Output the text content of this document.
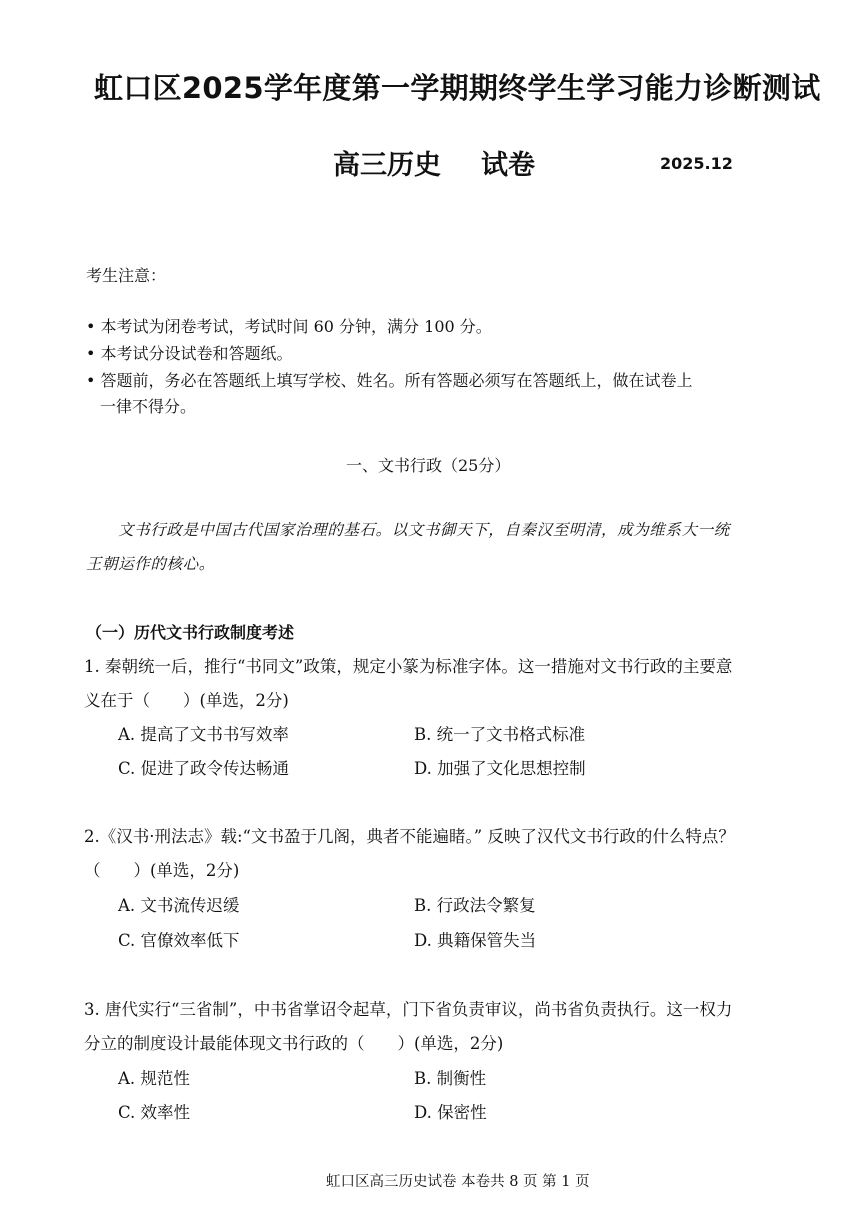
虹口区2025学年度第一学期期终学生学习能力诊断测试
高三历史 试卷	2025.12
考生注意：
• 本考试为闭卷考试，考试时间 60 分钟，满分 100 分。
• 本考试分设试卷和答题纸。
• 答题前，务必在答题纸上填写学校、姓名。所有答题必须写在答题纸上，做在试卷上
一律不得分。
一、文书行政（25分）
文书行政是中国古代国家治理的基石。以文书御天下，自秦汉至明清，成为维系大一统
王朝运作的核心。
（一）历代文书行政制度考述
1. 秦朝统一后，推行“书同文”政策，规定小篆为标准字体。这一措施对文书行政的主要意
义在于（　　）(单选，2分)
A. 提高了文书书写效率	B. 统一了文书格式标准
C. 促进了政令传达畅通	D. 加强了文化思想控制
2.《汉书·刑法志》载:“文书盈于几阁，典者不能遍睹。” 反映了汉代文书行政的什么特点？
（　　）(单选，2分)
A. 文书流传迟缓	B. 行政法令繁复
C. 官僚效率低下	D. 典籍保管失当
3. 唐代实行“三省制”，中书省掌诏令起草，门下省负责审议，尚书省负责执行。这一权力
分立的制度设计最能体现文书行政的（　　）(单选，2分)
A. 规范性	B. 制衡性
C. 效率性	D. 保密性
虹口区高三历史试卷 本卷共 8 页 第 1 页
